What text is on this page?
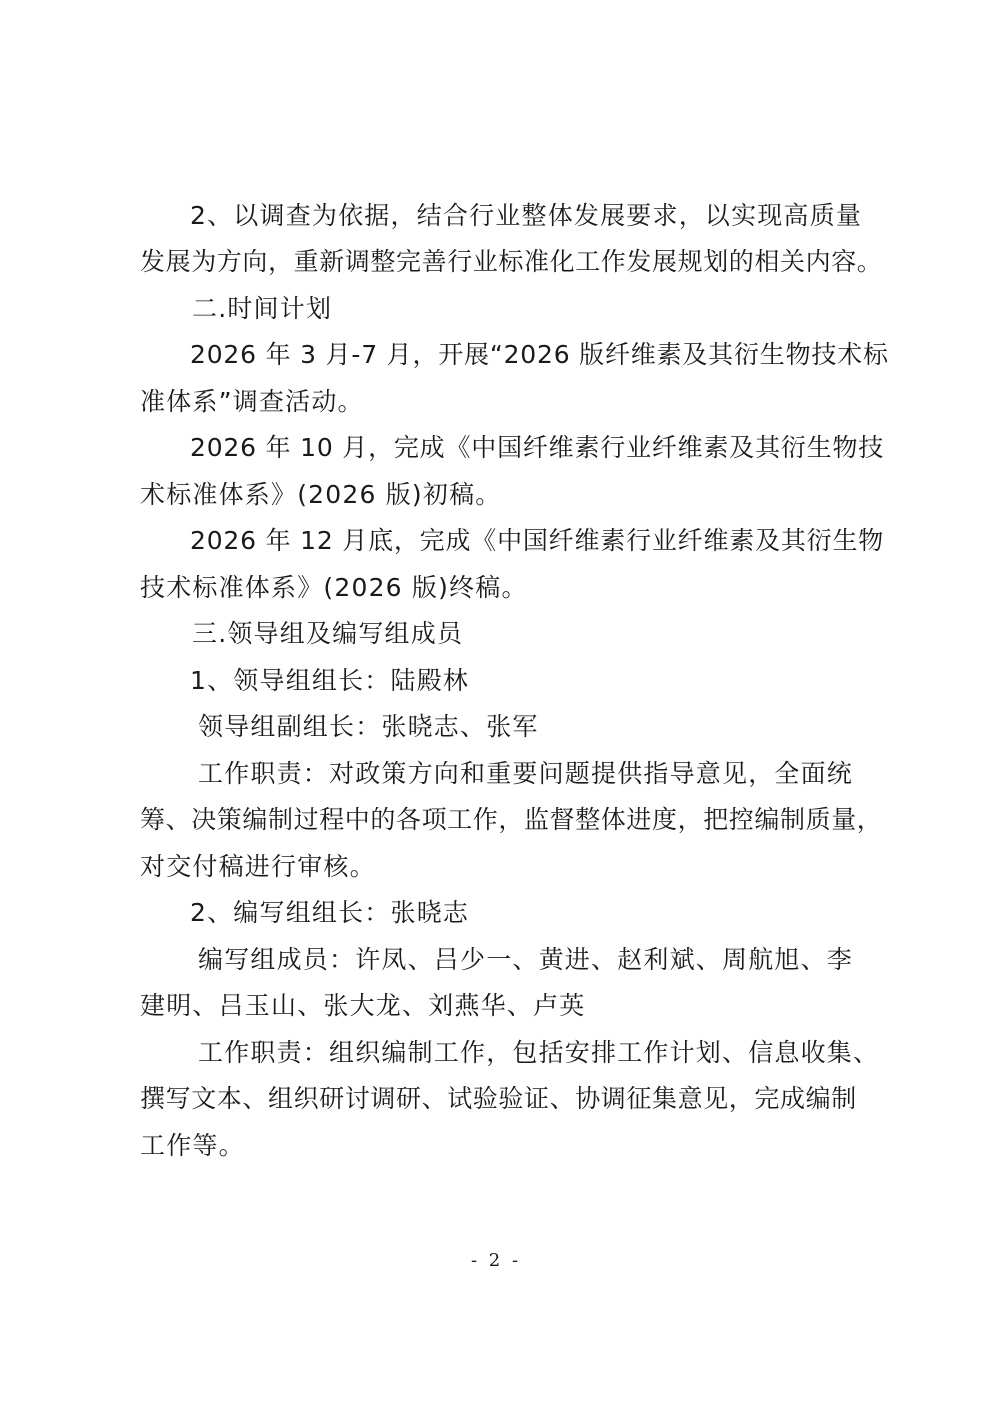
2、以调查为依据，结合行业整体发展要求，以实现高质量
发展为方向，重新调整完善行业标准化工作发展规划的相关内容。
二.时间计划
2026 年 3 月-7 月，开展“2026 版纤维素及其衍生物技术标
准体系”调查活动。
2026 年 10 月，完成《中国纤维素行业纤维素及其衍生物技
术标准体系》(2026 版)初稿。
2026 年 12 月底，完成《中国纤维素行业纤维素及其衍生物
技术标准体系》(2026 版)终稿。
三.领导组及编写组成员
1、领导组组长：陆殿林
领导组副组长：张晓志、张军
工作职责：对政策方向和重要问题提供指导意见，全面统
筹、决策编制过程中的各项工作，监督整体进度，把控编制质量，
对交付稿进行审核。
2、编写组组长：张晓志
编写组成员：许凤、吕少一、黄进、赵利斌、周航旭、李
建明、吕玉山、张大龙、刘燕华、卢英
工作职责：组织编制工作，包括安排工作计划、信息收集、
撰写文本、组织研讨调研、试验验证、协调征集意见，完成编制
工作等。
- 2 -
